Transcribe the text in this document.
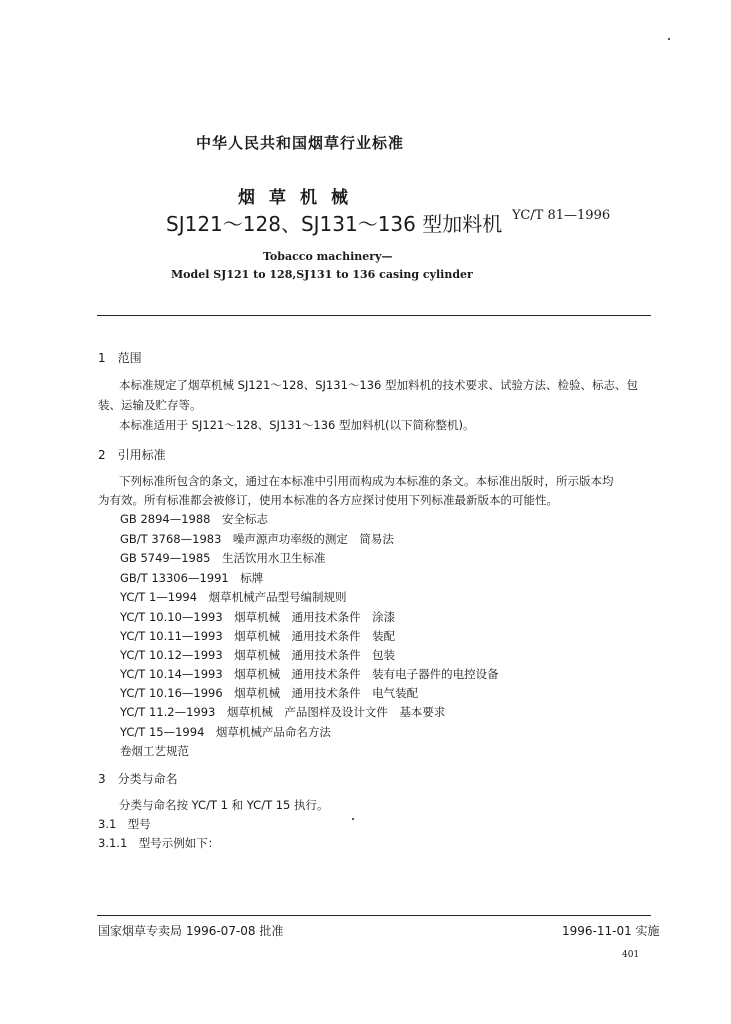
中华人民共和国烟草行业标准
烟草机械
SJ121～128、SJ131～136 型加料机 YC/T 81—1996
Tobacco machinery—
Model SJ121 to 128,SJ131 to 136 casing cylinder
1　范围
本标准规定了烟草机械 SJ121～128、SJ131～136 型加料机的技术要求、试验方法、检验、标志、包
装、运输及贮存等。
本标准适用于 SJ121～128、SJ131～136 型加料机(以下简称整机)。
2　引用标准
下列标准所包含的条文，通过在本标准中引用而构成为本标准的条文。本标准出版时，所示版本均
为有效。所有标准都会被修订，使用本标准的各方应探讨使用下列标准最新版本的可能性。
GB 2894—1988　安全标志
GB/T 3768—1983　噪声源声功率级的测定　简易法
GB 5749—1985　生活饮用水卫生标准
GB/T 13306—1991　标牌
YC/T 1—1994　烟草机械产品型号编制规则
YC/T 10.10—1993　烟草机械　通用技术条件　涂漆
YC/T 10.11—1993　烟草机械　通用技术条件　装配
YC/T 10.12—1993　烟草机械　通用技术条件　包装
YC/T 10.14—1993　烟草机械　通用技术条件　装有电子器件的电控设备
YC/T 10.16—1996　烟草机械　通用技术条件　电气装配
YC/T 11.2—1993　烟草机械　产品图样及设计文件　基本要求
YC/T 15—1994　烟草机械产品命名方法
卷烟工艺规范
3　分类与命名
分类与命名按 YC/T 1 和 YC/T 15 执行。
3.1　型号
3.1.1　型号示例如下：
国家烟草专卖局 1996-07-08 批准	1996-11-01 实施
401
